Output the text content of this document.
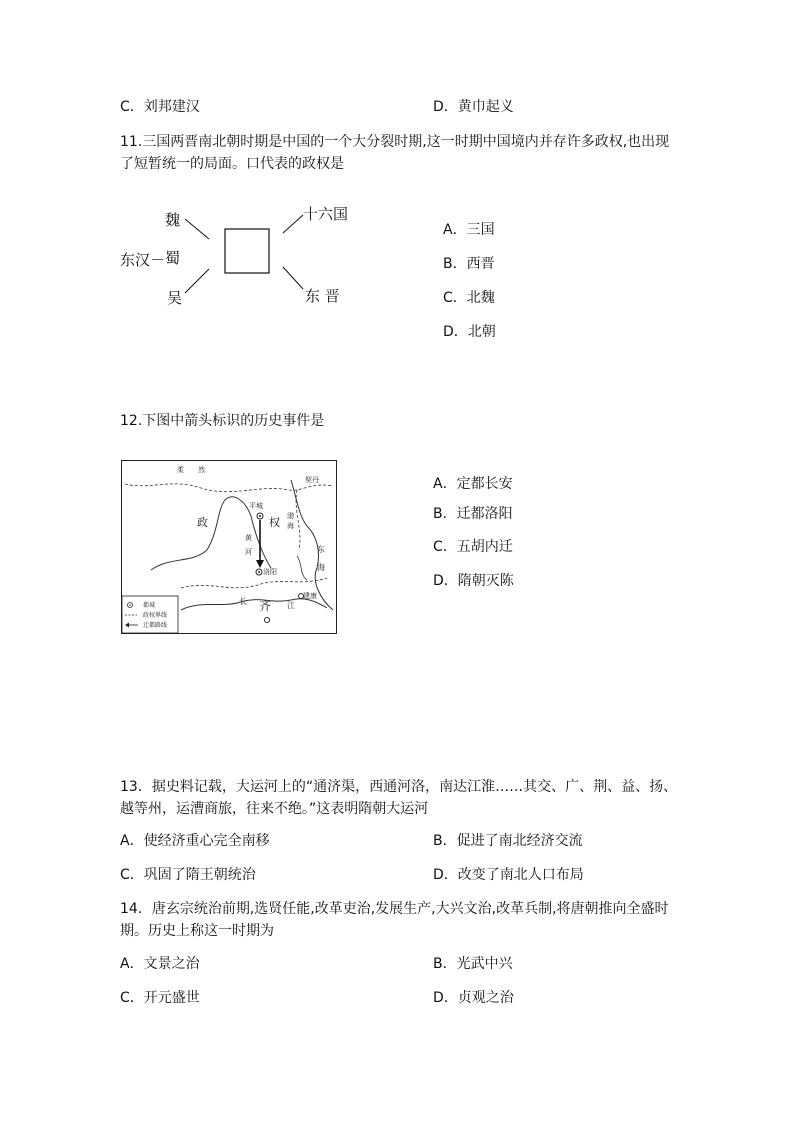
C．刘邦建汉	D．黄巾起义
11.三国两晋南北朝时期是中国的一个大分裂时期,这一时期中国境内并存许多政权,也出现了短暂统一的局面。口代表的政权是
东汉－
魏
蜀
吴
十六国
东 晋
A．三国
B．西晋
C．北魏
D．北朝
12.下图中箭头标识的历史事件是
柔　　然
契丹
政	权
平城
黄
河
渤
海
洛阳
东
海
建康
长 齐 江
都城
政权界线
迁都路线
A．定都长安
B．迁都洛阳
C．五胡内迁
D．隋朝灭陈
13．据史料记载，大运河上的“通济渠，西通河洛，南达江淮……其交、广、荆、益、扬、越等州，运漕商旅，往来不绝。”这表明隋朝大运河
A．使经济重心完全南移	B．促进了南北经济交流
C．巩固了隋王朝统治	D．改变了南北人口布局
14．唐玄宗统治前期,选贤任能,改革吏治,发展生产,大兴文治,改革兵制,将唐朝推向全盛时期。历史上称这一时期为
A．文景之治	B．光武中兴
C．开元盛世	D．贞观之治
